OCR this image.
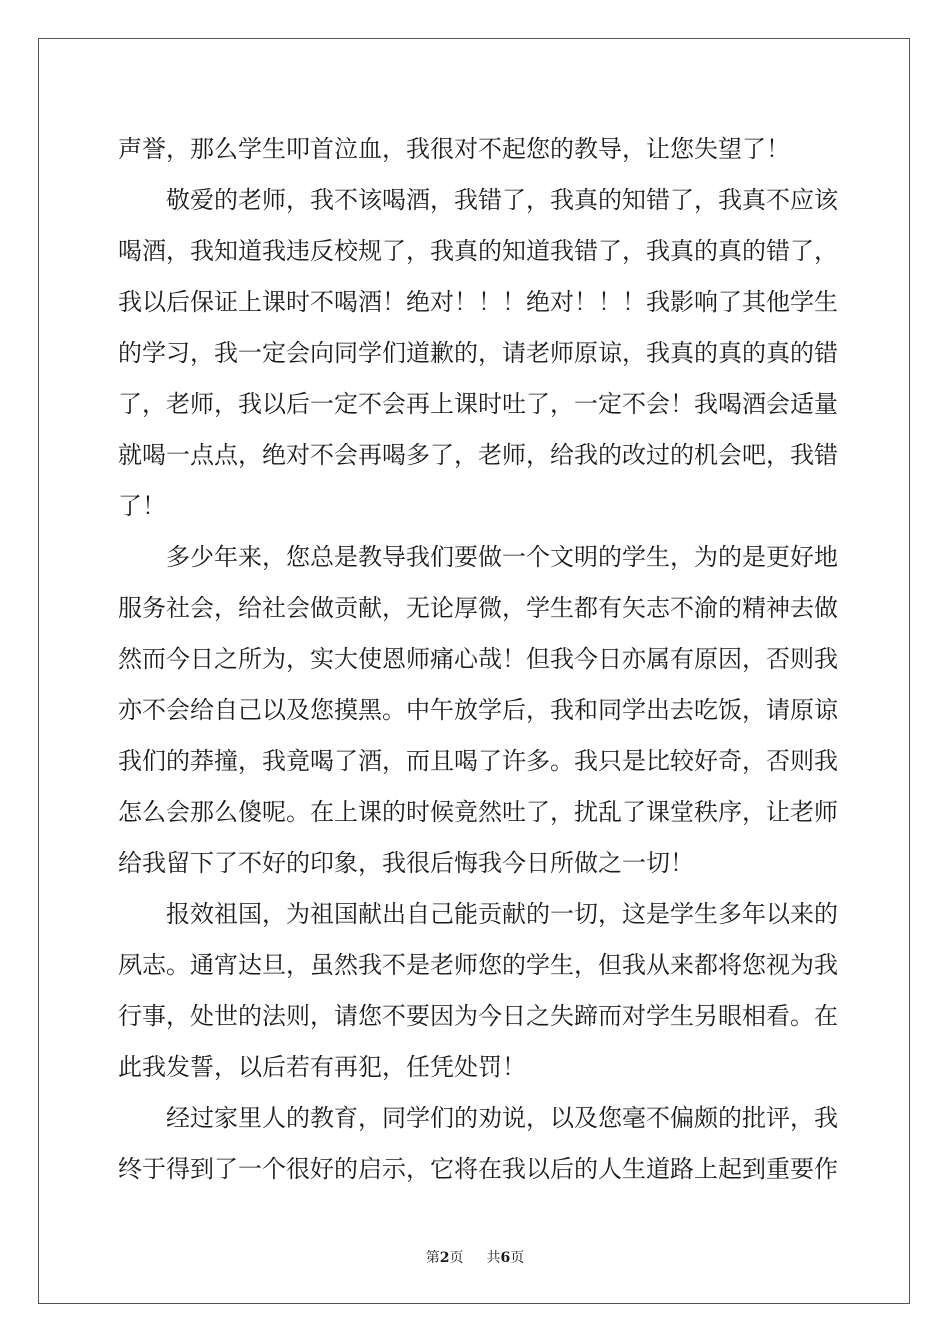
声誉，那么学生叩首泣血，我很对不起您的教导，让您失望了！
敬爱的老师，我不该喝酒，我错了，我真的知错了，我真不应该
喝酒，我知道我违反校规了，我真的知道我错了，我真的真的错了，
我以后保证上课时不喝酒！绝对！！！绝对！！！我影响了其他学生
的学习，我一定会向同学们道歉的，请老师原谅，我真的真的真的错
了，老师，我以后一定不会再上课时吐了，一定不会！我喝酒会适量
就喝一点点，绝对不会再喝多了，老师，给我的改过的机会吧，我错
了！
多少年来，您总是教导我们要做一个文明的学生，为的是更好地
服务社会，给社会做贡献，无论厚微，学生都有矢志不渝的精神去做
然而今日之所为，实大使恩师痛心哉！但我今日亦属有原因，否则我
亦不会给自己以及您摸黑。中午放学后，我和同学出去吃饭，请原谅
我们的莽撞，我竟喝了酒，而且喝了许多。我只是比较好奇，否则我
怎么会那么傻呢。在上课的时候竟然吐了，扰乱了课堂秩序，让老师
给我留下了不好的印象，我很后悔我今日所做之一切！
报效祖国，为祖国献出自己能贡献的一切，这是学生多年以来的
夙志。通宵达旦，虽然我不是老师您的学生，但我从来都将您视为我
行事，处世的法则，请您不要因为今日之失蹄而对学生另眼相看。在
此我发誓，以后若有再犯，任凭处罚！
经过家里人的教育，同学们的劝说，以及您毫不偏颇的批评，我
终于得到了一个很好的启示，它将在我以后的人生道路上起到重要作
第2页 共6页
